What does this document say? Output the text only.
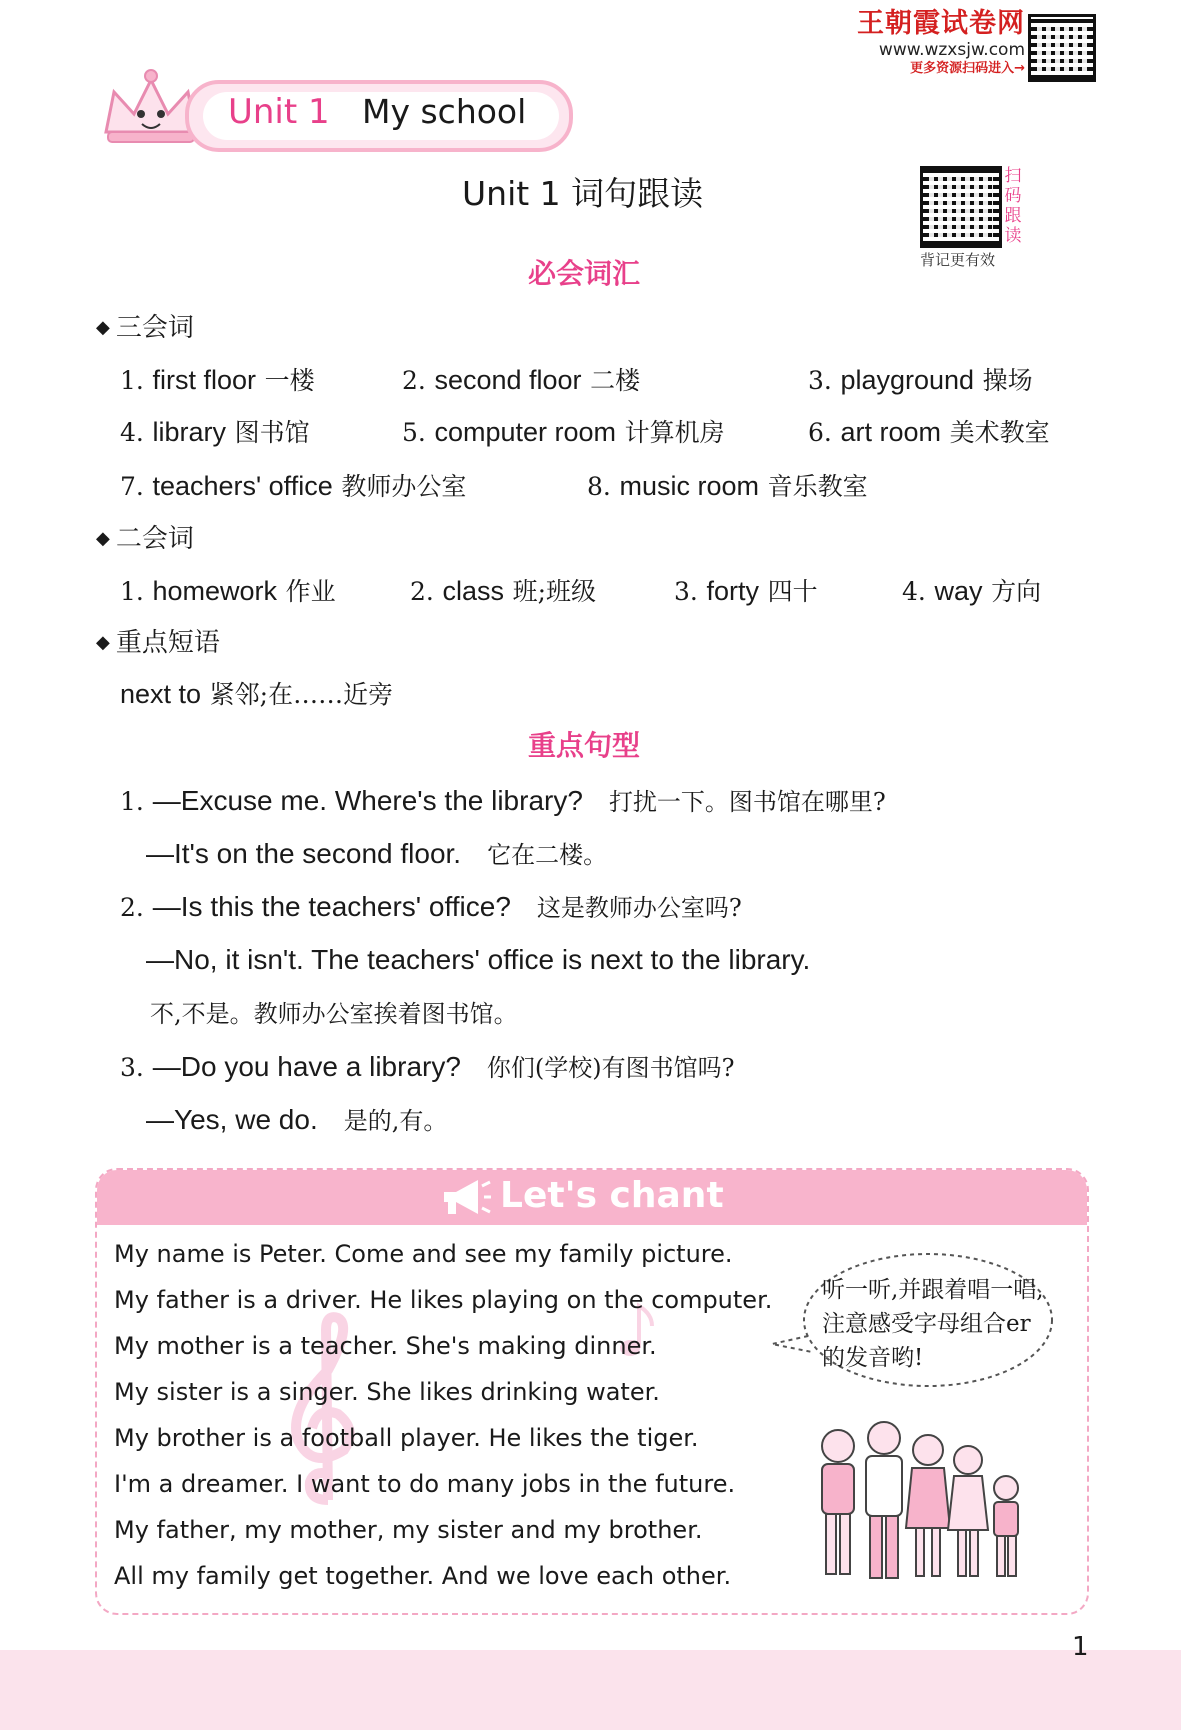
王朝霞试卷网
www.wzxsjw.com
更多资源扫码进入→
Unit 1 My school
Unit 1 词句跟读	扫
码
跟
读
背记更有效
必会词汇
◆ 三会词
1. first floor 一楼	2. second floor 二楼	3. playground 操场
4. library 图书馆	5. computer room 计算机房	6. art room 美术教室
7. teachers' office 教师办公室	8. music room 音乐教室
◆ 二会词
1. homework 作业	2. class 班;班级	3. forty 四十	4. way 方向
◆ 重点短语
next to 紧邻;在……近旁
重点句型
1. —Excuse me. Where's the library? 打扰一下。图书馆在哪里?
—It's on the second floor. 它在二楼。
2. —Is this the teachers' office? 这是教师办公室吗?
—No, it isn't. The teachers' office is next to the library.
不,不是。教师办公室挨着图书馆。
3. —Do you have a library? 你们(学校)有图书馆吗?
—Yes, we do. 是的,有。
Let's chant
My name is Peter. Come and see my family picture.
My father is a driver. He likes playing on the computer.
My mother is a teacher. She's making dinner.
My sister is a singer. She likes drinking water.
My brother is a football player. He likes the tiger.
I'm a dreamer. I want to do many jobs in the future.
My father, my mother, my sister and my brother.
All my family get together. And we love each other.
听一听,并跟着唱一唱,注意感受字母组合er的发音哟!
1
